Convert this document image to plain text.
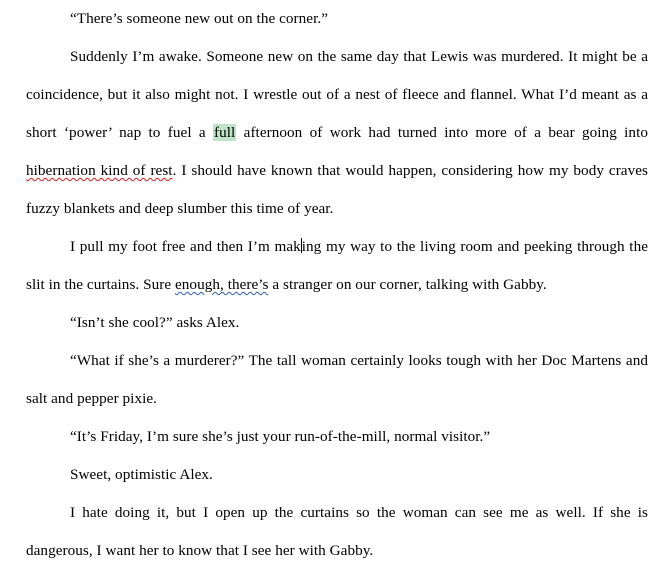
“There’s someone new out on the corner.”

Suddenly I’m awake. Someone new on the same day that Lewis was murdered. It might be a coincidence, but it also might not. I wrestle out of a nest of fleece and flannel. What I’d meant as a short ‘power’ nap to fuel a full afternoon of work had turned into more of a bear going into hibernation kind of rest. I should have known that would happen, considering how my body craves fuzzy blankets and deep slumber this time of year.

I pull my foot free and then I’m making my way to the living room and peeking through the slit in the curtains. Sure enough, there’s a stranger on our corner, talking with Gabby.

“Isn’t she cool?” asks Alex.

“What if she’s a murderer?” The tall woman certainly looks tough with her Doc Martens and salt and pepper pixie.

“It’s Friday, I’m sure she’s just your run-of-the-mill, normal visitor.”

Sweet, optimistic Alex.

I hate doing it, but I open up the curtains so the woman can see me as well. If she is dangerous, I want her to know that I see her with Gabby.
